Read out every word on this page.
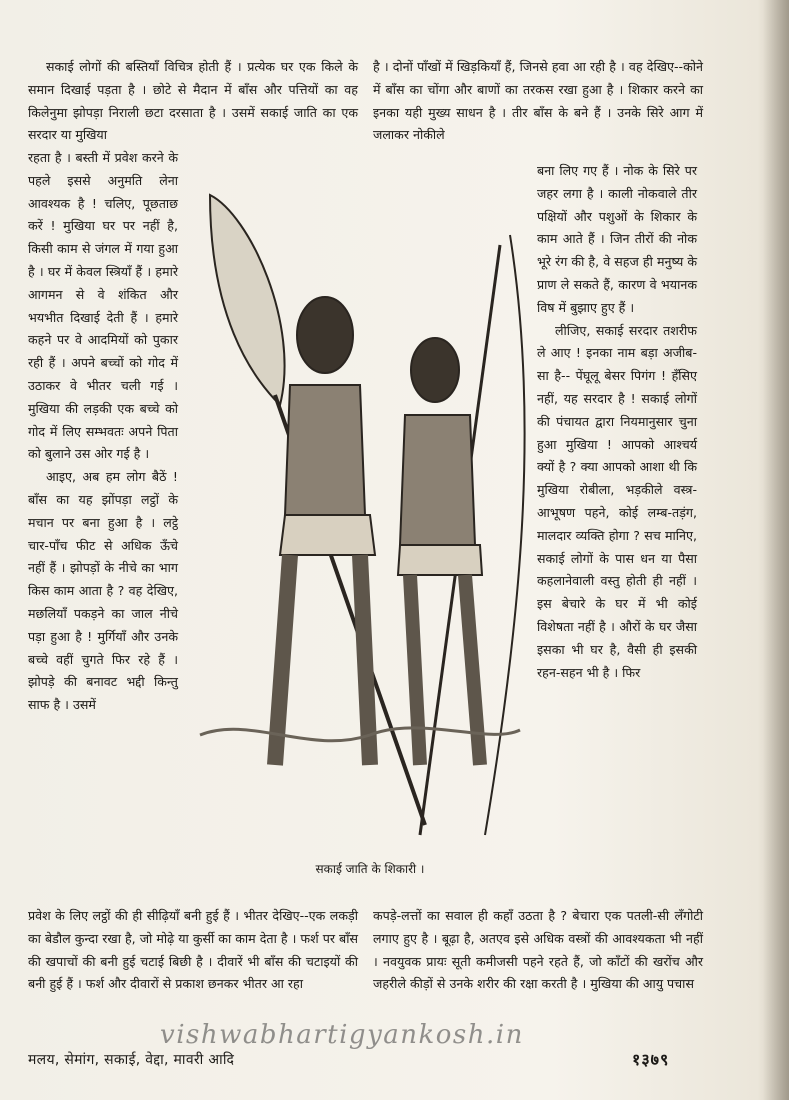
सकाई लोगों की बस्तियाँ विचित्र होती हैं । प्रत्येक घर एक किले के समान दिखाई पड़ता है । छोटे से मैदान में बाँस और पत्तियों का वह किलेनुमा झोपड़ा निराली छटा दरसाता है । उसमें सकाई जाति का एक सरदार या मुखिया

रहता है । बस्ती में प्रवेश करने के पहले इससे अनुमति लेना आवश्यक है ! चलिए, पूछताछ करें ! मुखिया घर पर नहीं है, किसी काम से जंगल में गया हुआ है । घर में केवल स्त्रियाँ हैं । हमारे आगमन से वे शंकित और भयभीत दिखाई देती हैं । हमारे कहने पर वे आदमियों को पुकार रही हैं । अपने बच्चों को गोद में उठाकर वे भीतर चली गई । मुखिया की लड़की एक बच्चे को गोद में लिए सम्भवतः अपने पिता को बुलाने उस ओर गई है ।

आइए, अब हम लोग बैठें ! बाँस का यह झोंपड़ा लट्ठों के मचान पर बना हुआ है । लट्ठे चार-पाँच फीट से अधिक ऊँचे नहीं हैं । झोपड़ों के नीचे का भाग किस काम आता है ? वह देखिए, मछलियाँ पकड़ने का जाल नीचे पड़ा हुआ है ! मुर्गियाँ और उनके बच्चे वहीं चुगते फिर रहे हैं । झोपड़े की बनावट भद्दी किन्तु साफ है । उसमें

है । दोनों पाँखों में खिड़कियाँ हैं, जिनसे हवा आ रही है । वह देखिए--कोने में बाँस का चोंगा और बाणों का तरकस रखा हुआ है । शिकार करने का इनका यही मुख्य साधन है । तीर बाँस के बने हैं । उनके सिरे आग में जलाकर नोकीले

बना लिए गए हैं । नोक के सिरे पर जहर लगा है । काली नोकवाले तीर पक्षियों और पशुओं के शिकार के काम आते हैं । जिन तीरों की नोक भूरे रंग की है, वे सहज ही मनुष्य के प्राण ले सकते हैं, कारण वे भयानक विष में बुझाए हुए हैं ।

लीजिए, सकाई सरदार तशरीफ ले आए ! इनका नाम बड़ा अजीब-सा है-- पेंघूलू बेसर पिगंग ! हँसिए नहीं, यह सरदार है ! सकाई लोगों की पंचायत द्वारा नियमानुसार चुना हुआ मुखिया ! आपको आश्चर्य क्यों है ? क्या आपको आशा थी कि मुखिया रोबीला, भड़कीले वस्त्र-आभूषण पहने, कोई लम्ब-तड़ंग, मालदार व्यक्ति होगा ? सच मानिए, सकाई लोगों के पास धन या पैसा कहलानेवाली वस्तु होती ही नहीं । इस बेचारे के घर में भी कोई विशेषता नहीं है । औरों के घर जैसा इसका भी घर है, वैसी ही इसकी रहन-सहन भी है । फिर

सकाई जाति के शिकारी ।

प्रवेश के लिए लट्ठों की ही सीढ़ियाँ बनी हुई हैं । भीतर देखिए--एक लकड़ी का बेडौल कुन्दा रखा है, जो मोढ़े या कुर्सी का काम देता है । फर्श पर बाँस की खपाचों की बनी हुई चटाई बिछी है । दीवारें भी बाँस की चटाइयों की बनी हुई हैं । फर्श और दीवारों से प्रकाश छनकर भीतर आ रहा

कपड़े-लत्तों का सवाल ही कहाँ उठता है ? बेचारा एक पतली-सी लँगोटी लगाए हुए है । बूढ़ा है, अतएव इसे अधिक वस्त्रों की आवश्यकता भी नहीं । नवयुवक प्रायः सूती कमीजसी पहने रहते हैं, जो काँटों की खरोंच और जहरीले कीड़ों से उनके शरीर की रक्षा करती है । मुखिया की आयु पचास

vishwabhartigyankosh.in
मलय, सेमांग, सकाई, वेद्दा, मावरी आदि	१३७९
